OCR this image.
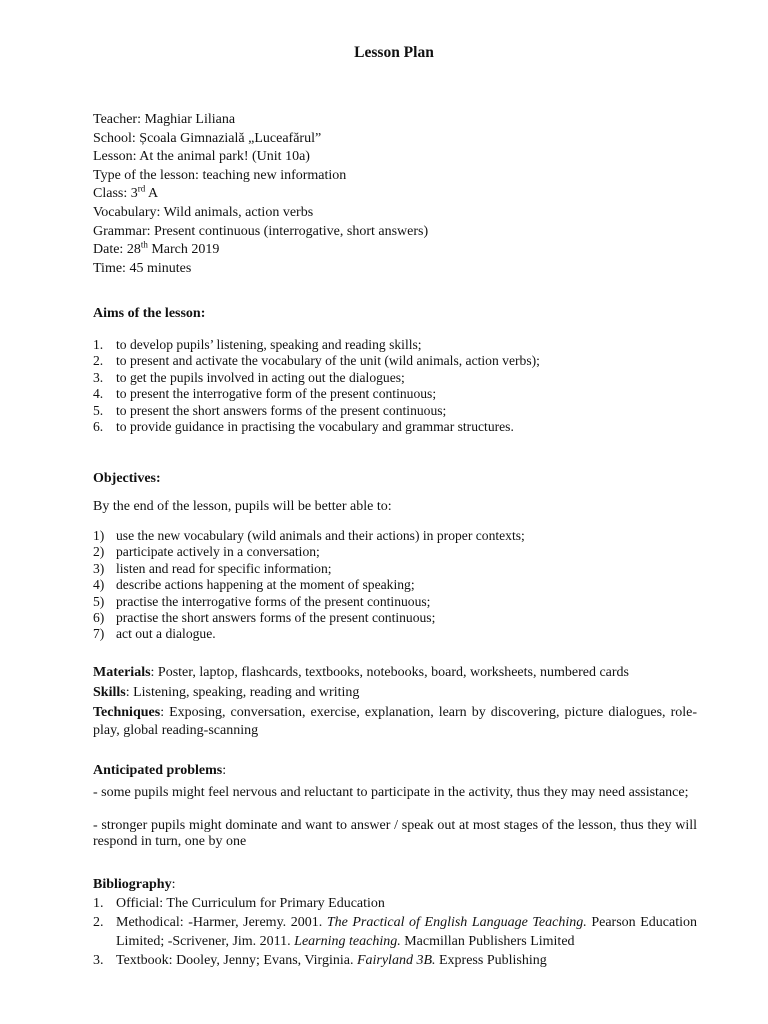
Lesson Plan
Teacher: Maghiar Liliana
School: Școala Gimnazială „Luceafărul”
Lesson: At the animal park! (Unit 10a)
Type of the lesson: teaching new information
Class: 3rd A
Vocabulary: Wild animals, action verbs
Grammar: Present continuous (interrogative, short answers)
Date: 28th March 2019
Time: 45 minutes
Aims of the lesson:
1. to develop pupils’ listening, speaking and reading skills;
2. to present and activate the vocabulary of the unit (wild animals, action verbs);
3. to get the pupils involved in acting out the dialogues;
4. to present the interrogative form of the present continuous;
5. to present the short answers forms of the present continuous;
6. to provide guidance in practising the vocabulary and grammar structures.
Objectives:
By the end of the lesson, pupils will be better able to:
1) use the new vocabulary (wild animals and their actions) in proper contexts;
2) participate actively in a conversation;
3) listen and read for specific information;
4) describe actions happening at the moment of speaking;
5) practise the interrogative forms of the present continuous;
6) practise the short answers forms of the present continuous;
7) act out a dialogue.
Materials: Poster, laptop, flashcards, textbooks, notebooks, board, worksheets, numbered cards
Skills: Listening, speaking, reading and writing
Techniques: Exposing, conversation, exercise, explanation, learn by discovering, picture dialogues, role-play, global reading-scanning
Anticipated problems:
- some pupils might feel nervous and reluctant to participate in the activity, thus they may need assistance;
- stronger pupils might dominate and want to answer / speak out at most stages of the lesson, thus they will respond in turn, one by one
Bibliography:
1. Official: The Curriculum for Primary Education
2. Methodical: -Harmer, Jeremy. 2001. The Practical of English Language Teaching. Pearson Education Limited; -Scrivener, Jim. 2011. Learning teaching. Macmillan Publishers Limited
3. Textbook: Dooley, Jenny; Evans, Virginia. Fairyland 3B. Express Publishing
